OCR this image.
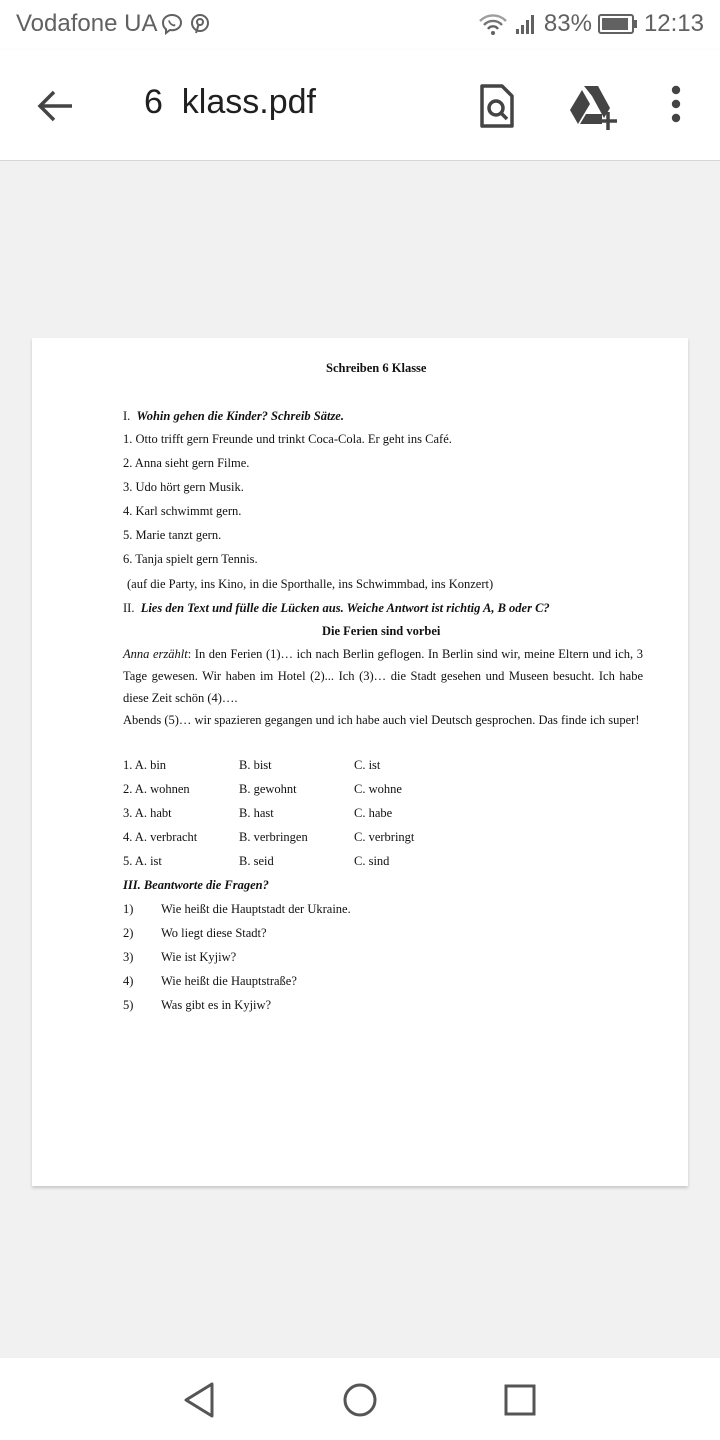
Vodafone UA	83% 12:13
6  klass.pdf
Schreiben 6 Klasse
I. Wohin gehen die Kinder? Schreib Sätze.
1. Otto trifft gern Freunde und trinkt Coca-Cola. Er geht ins Café.
2. Anna sieht gern Filme.
3. Udo hört gern Musik.
4. Karl schwimmt gern.
5. Marie tanzt gern.
6. Tanja spielt gern Tennis.
(auf die Party, ins Kino, in die Sporthalle, ins Schwimmbad, ins Konzert)
II. Lies den Text und fülle die Lücken aus. Weiche Antwort ist richtig A, B oder C?
Die Ferien sind vorbei
Anna erzählt: In den Ferien (1)… ich nach Berlin geflogen. In Berlin sind wir, meine Eltern und ich, 3 Tage gewesen. Wir haben im Hotel (2)... Ich (3)… die Stadt gesehen und Museen besucht. Ich habe diese Zeit schön (4)….
Abends (5)… wir spazieren gegangen und ich habe auch viel Deutsch gesprochen. Das finde ich super!
1. A. bin	B. bist	C. ist
2. A. wohnen	B. gewohnt	C. wohne
3. A. habt	B. hast	C. habe
4. A. verbracht	B. verbringen	C. verbringt
5. A. ist	B. seid	C. sind
III. Beantworte die Fragen?
1) Wie heißt die Hauptstadt der Ukraine.
2) Wo liegt diese Stadt?
3) Wie ist Kyjiw?
4) Wie heißt die Hauptstraße?
5) Was gibt es in Kyjiw?
